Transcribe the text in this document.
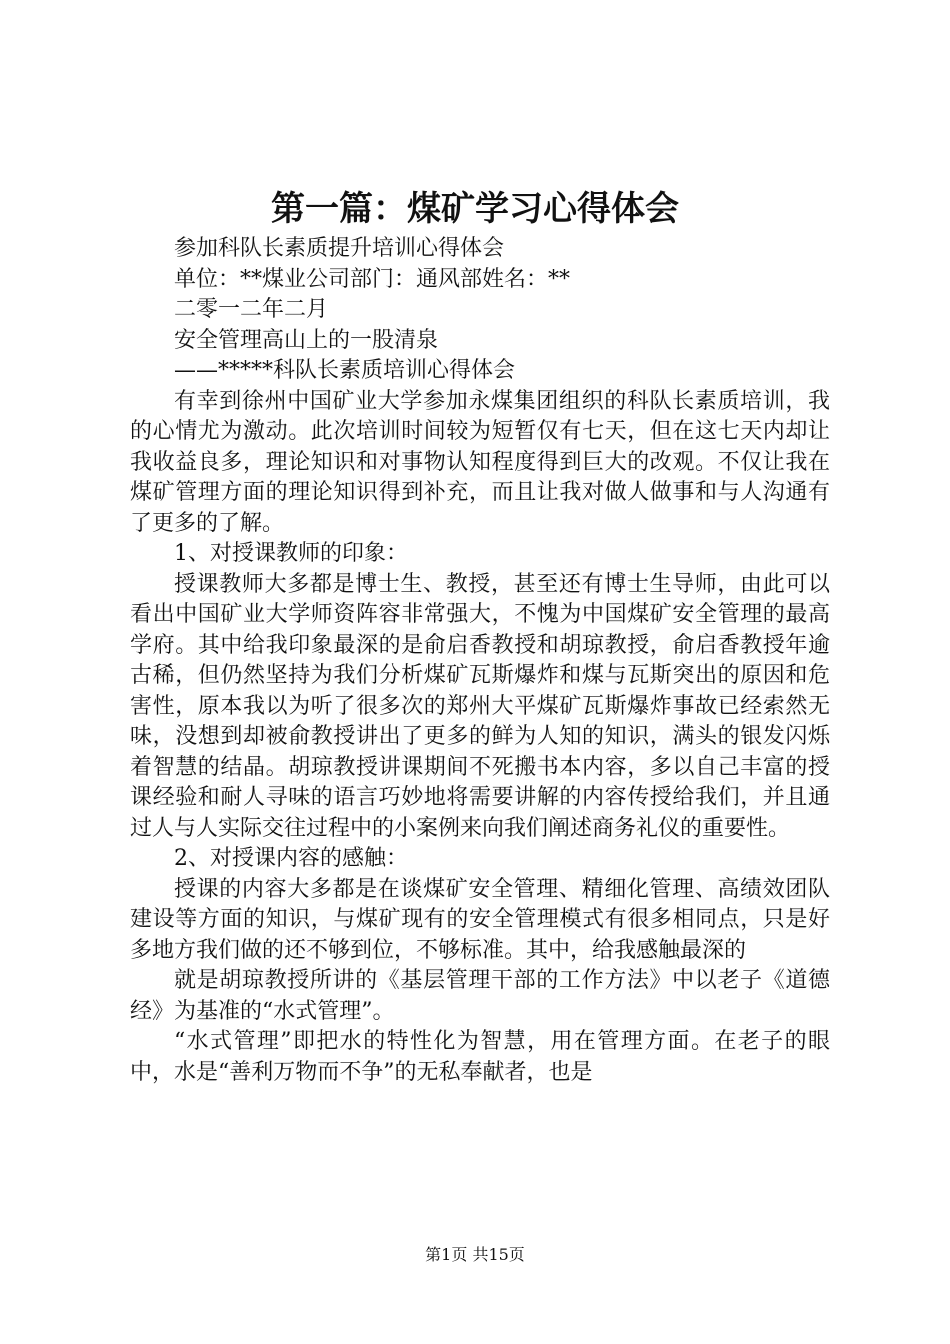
第一篇：煤矿学习心得体会

参加科队长素质提升培训心得体会

单位：**煤业公司部门：通风部姓名：**

二零一二年二月

安全管理高山上的一股清泉

——*****科队长素质培训心得体会

有幸到徐州中国矿业大学参加永煤集团组织的科队长素质培训，我的心情尤为激动。此次培训时间较为短暂仅有七天，但在这七天内却让我收益良多，理论知识和对事物认知程度得到巨大的改观。不仅让我在煤矿管理方面的理论知识得到补充，而且让我对做人做事和与人沟通有了更多的了解。

1、对授课教师的印象：

授课教师大多都是博士生、教授，甚至还有博士生导师，由此可以看出中国矿业大学师资阵容非常强大，不愧为中国煤矿安全管理的最高学府。其中给我印象最深的是俞启香教授和胡琼教授，俞启香教授年逾古稀，但仍然坚持为我们分析煤矿瓦斯爆炸和煤与瓦斯突出的原因和危害性，原本我以为听了很多次的郑州大平煤矿瓦斯爆炸事故已经索然无味，没想到却被俞教授讲出了更多的鲜为人知的知识，满头的银发闪烁着智慧的结晶。胡琼教授讲课期间不死搬书本内容，多以自己丰富的授课经验和耐人寻味的语言巧妙地将需要讲解的内容传授给我们，并且通过人与人实际交往过程中的小案例来向我们阐述商务礼仪的重要性。

2、对授课内容的感触：

授课的内容大多都是在谈煤矿安全管理、精细化管理、高绩效团队建设等方面的知识，与煤矿现有的安全管理模式有很多相同点，只是好多地方我们做的还不够到位，不够标准。其中，给我感触最深的

就是胡琼教授所讲的《基层管理干部的工作方法》中以老子《道德经》为基准的“水式管理”。

“水式管理”即把水的特性化为智慧，用在管理方面。在老子的眼中，水是“善利万物而不争”的无私奉献者，也是

第1页 共15页
